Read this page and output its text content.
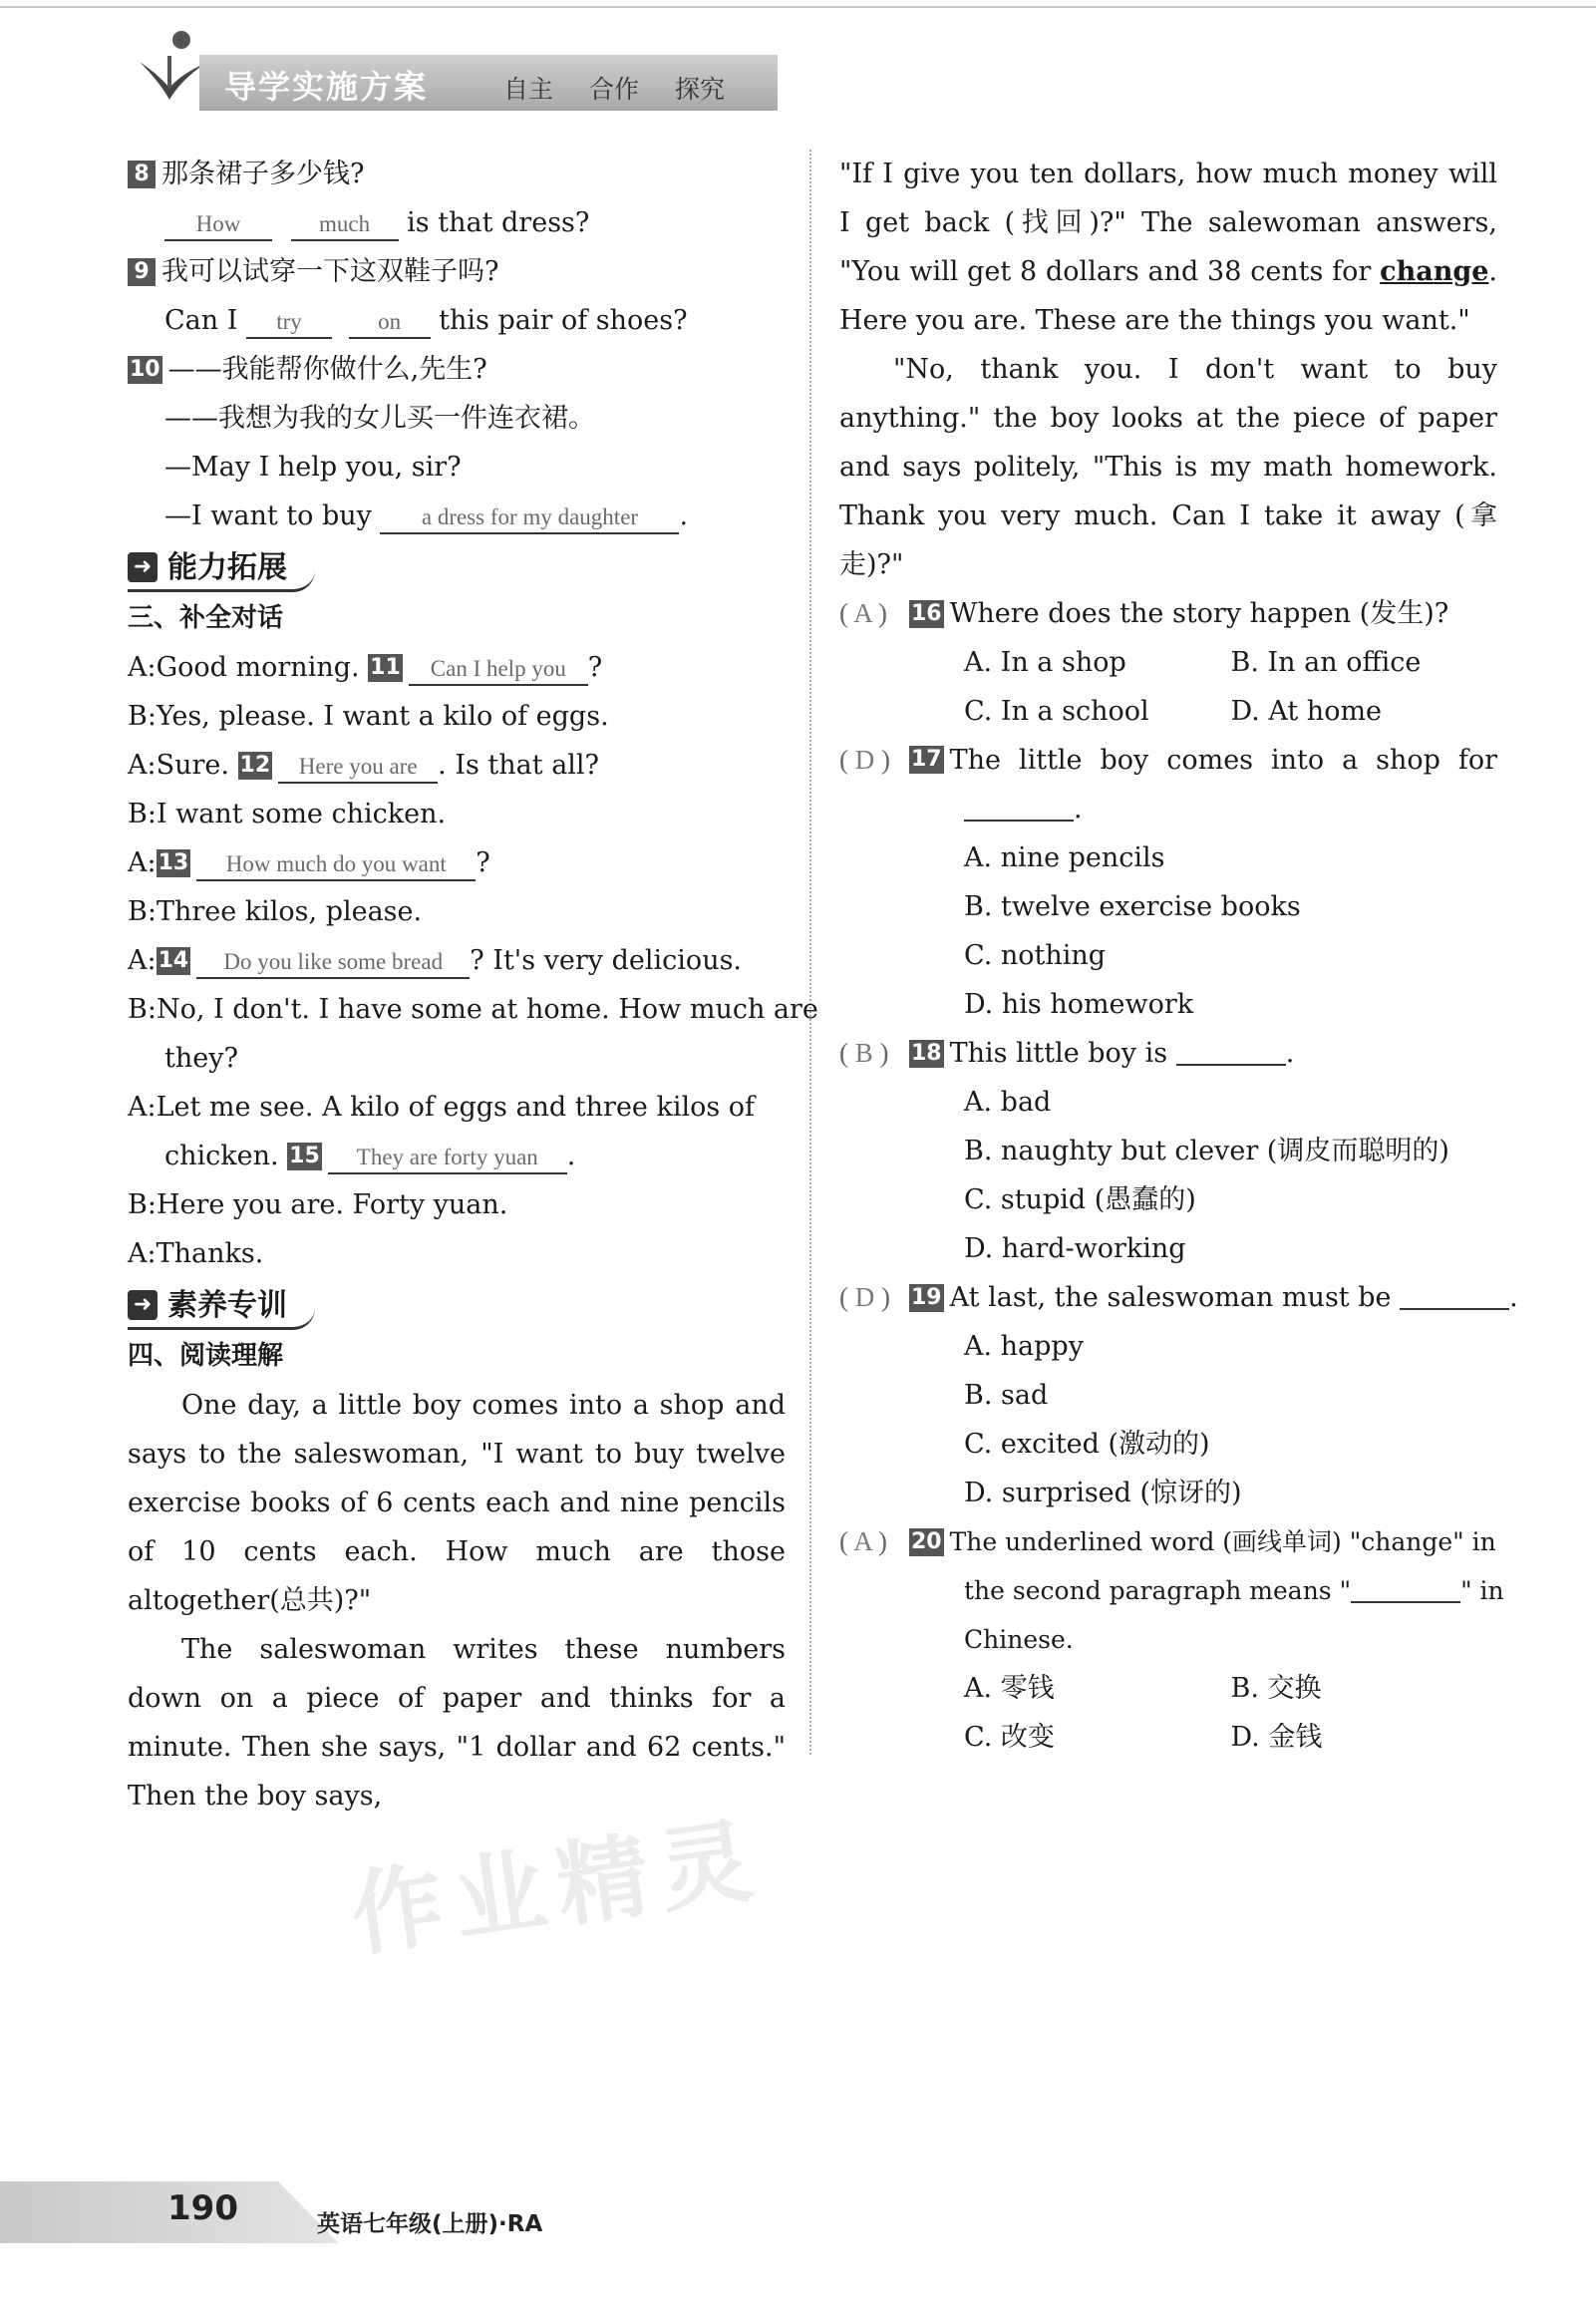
导学实施方案	自主 合作 探究
8 那条裙子多少钱?
How	much is that dress?
9 我可以试穿一下这双鞋子吗?
Can I try	on this pair of shoes?
10 ——我能帮你做什么,先生?
——我想为我的女儿买一件连衣裙。
—May I help you, sir?
—I want to buy a dress for my daughter .
➜ 能力拓展
三、补全对话
A:Good morning. 11 Can I help you ?
B:Yes, please. I want a kilo of eggs.
A:Sure. 12 Here you are . Is that all?
B:I want some chicken.
A:13 How much do you want ?
B:Three kilos, please.
A:14 Do you like some bread ? It's very delicious.
B:No, I don't. I have some at home. How much are
they?
A:Let me see. A kilo of eggs and three kilos of
chicken. 15 They are forty yuan .
B:Here you are. Forty yuan.
A:Thanks.
➜ 素养专训
四、阅读理解

One day, a little boy comes into a shop and says to the saleswoman, "I want to buy twelve exercise books of 6 cents each and nine pencils of 10 cents each. How much are those altogether(总共)?"

The saleswoman writes these numbers down on a piece of paper and thinks for a minute. Then she says, "1 dollar and 62 cents." Then the boy says,

"If I give you ten dollars, how much money will I get back (找回)?" The salewoman answers, "You will get 8 dollars and 38 cents for change. Here you are. These are the things you want."

"No, thank you. I don't want to buy anything." the boy looks at the piece of paper and says politely, "This is my math homework. Thank you very much. Can I take it away (拿走)?"

( A ) 16 Where does the story happen (发生)?
A. In a shop	B. In an office
C. In a school	D. At home
( D ) 17 The little boy comes into a shop for
.
A. nine pencils
B. twelve exercise books
C. nothing
D. his homework
( B ) 18 This little boy is	.
A. bad
B. naughty but clever (调皮而聪明的)
C. stupid (愚蠢的)
D. hard-working
( D ) 19 At last, the saleswoman must be	.
A. happy
B. sad
C. excited (激动的)
D. surprised (惊讶的)
( A ) 20 The underlined word (画线单词) "change" in
the second paragraph means "	" in
Chinese.
A. 零钱	B. 交换
C. 改变	D. 金钱
作业精灵
190	英语七年级(上册)·RA
